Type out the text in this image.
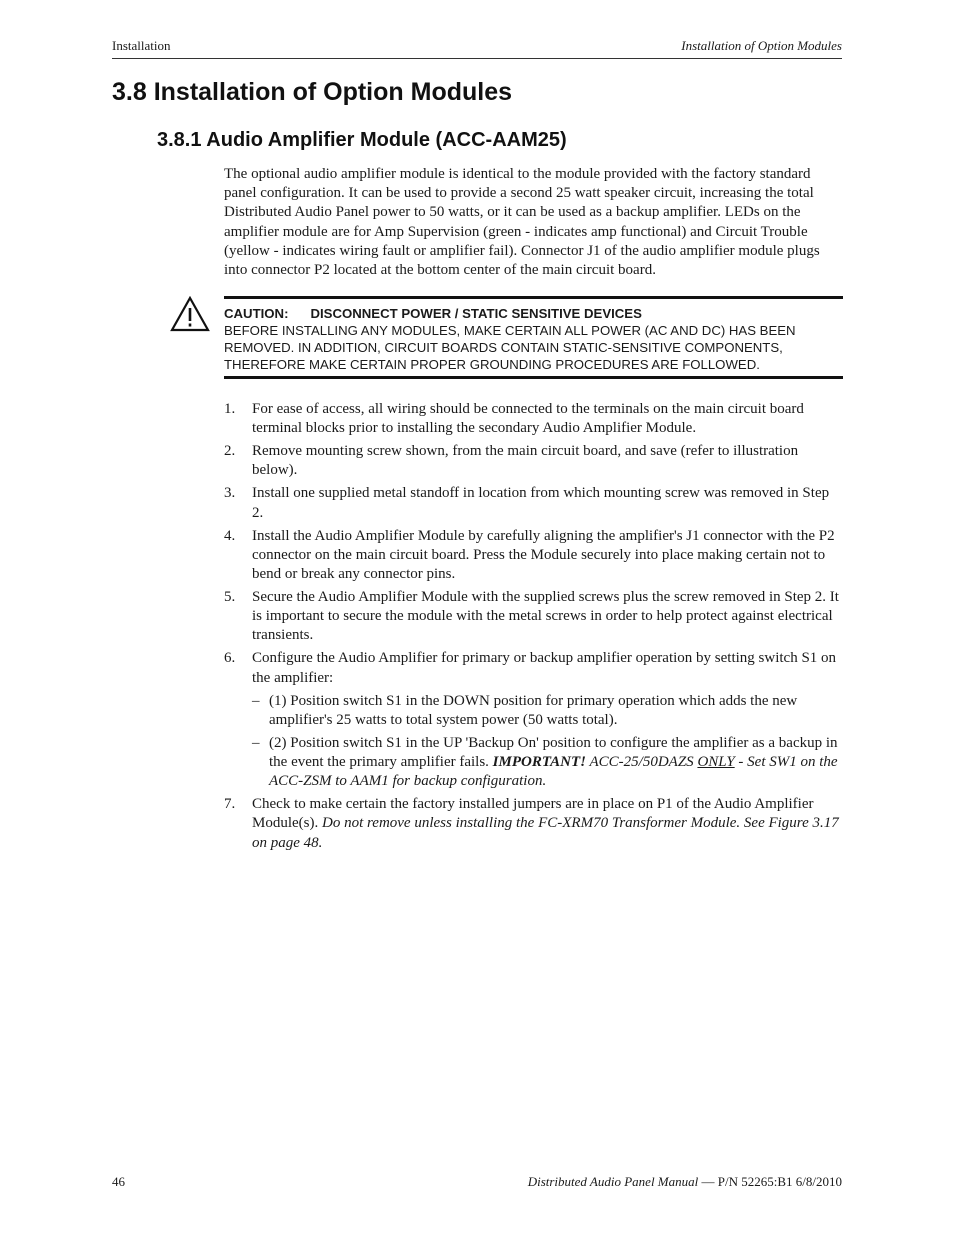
Installation	Installation of Option Modules
3.8 Installation of Option Modules
3.8.1 Audio Amplifier Module (ACC-AAM25)

The optional audio amplifier module is identical to the module provided with the factory standard panel configuration. It can be used to provide a second 25 watt speaker circuit, increasing the total Distributed Audio Panel power to 50 watts, or it can be used as a backup amplifier. LEDs on the amplifier module are for Amp Supervision (green - indicates amp functional) and Circuit Trouble (yellow - indicates wiring fault or amplifier fail). Connector J1 of the audio amplifier module plugs into connector P2 located at the bottom center of the main circuit board.

CAUTION: DISCONNECT POWER / STATIC SENSITIVE DEVICES

BEFORE INSTALLING ANY MODULES, MAKE CERTAIN ALL POWER (AC AND DC) HAS BEEN REMOVED. IN ADDITION, CIRCUIT BOARDS CONTAIN STATIC-SENSITIVE COMPONENTS, THEREFORE MAKE CERTAIN PROPER GROUNDING PROCEDURES ARE FOLLOWED.

1. For ease of access, all wiring should be connected to the terminals on the main circuit board terminal blocks prior to installing the secondary Audio Amplifier Module.
2. Remove mounting screw shown, from the main circuit board, and save (refer to illustration below).
3. Install one supplied metal standoff in location from which mounting screw was removed in Step 2.
4. Install the Audio Amplifier Module by carefully aligning the amplifier's J1 connector with the P2 connector on the main circuit board. Press the Module securely into place making certain not to bend or break any connector pins.
5. Secure the Audio Amplifier Module with the supplied screws plus the screw removed in Step 2. It is important to secure the module with the metal screws in order to help protect against electrical transients.
6. Configure the Audio Amplifier for primary or backup amplifier operation by setting switch S1 on the amplifier:
– (1) Position switch S1 in the DOWN position for primary operation which adds the new amplifier's 25 watts to total system power (50 watts total).
– (2) Position switch S1 in the UP 'Backup On' position to configure the amplifier as a backup in the event the primary amplifier fails. IMPORTANT! ACC-25/50DAZS ONLY - Set SW1 on the ACC-ZSM to AAM1 for backup configuration.
7. Check to make certain the factory installed jumpers are in place on P1 of the Audio Amplifier Module(s). Do not remove unless installing the FC-XRM70 Transformer Module. See Figure 3.17 on page 48.
46	Distributed Audio Panel Manual — P/N 52265:B1 6/8/2010
